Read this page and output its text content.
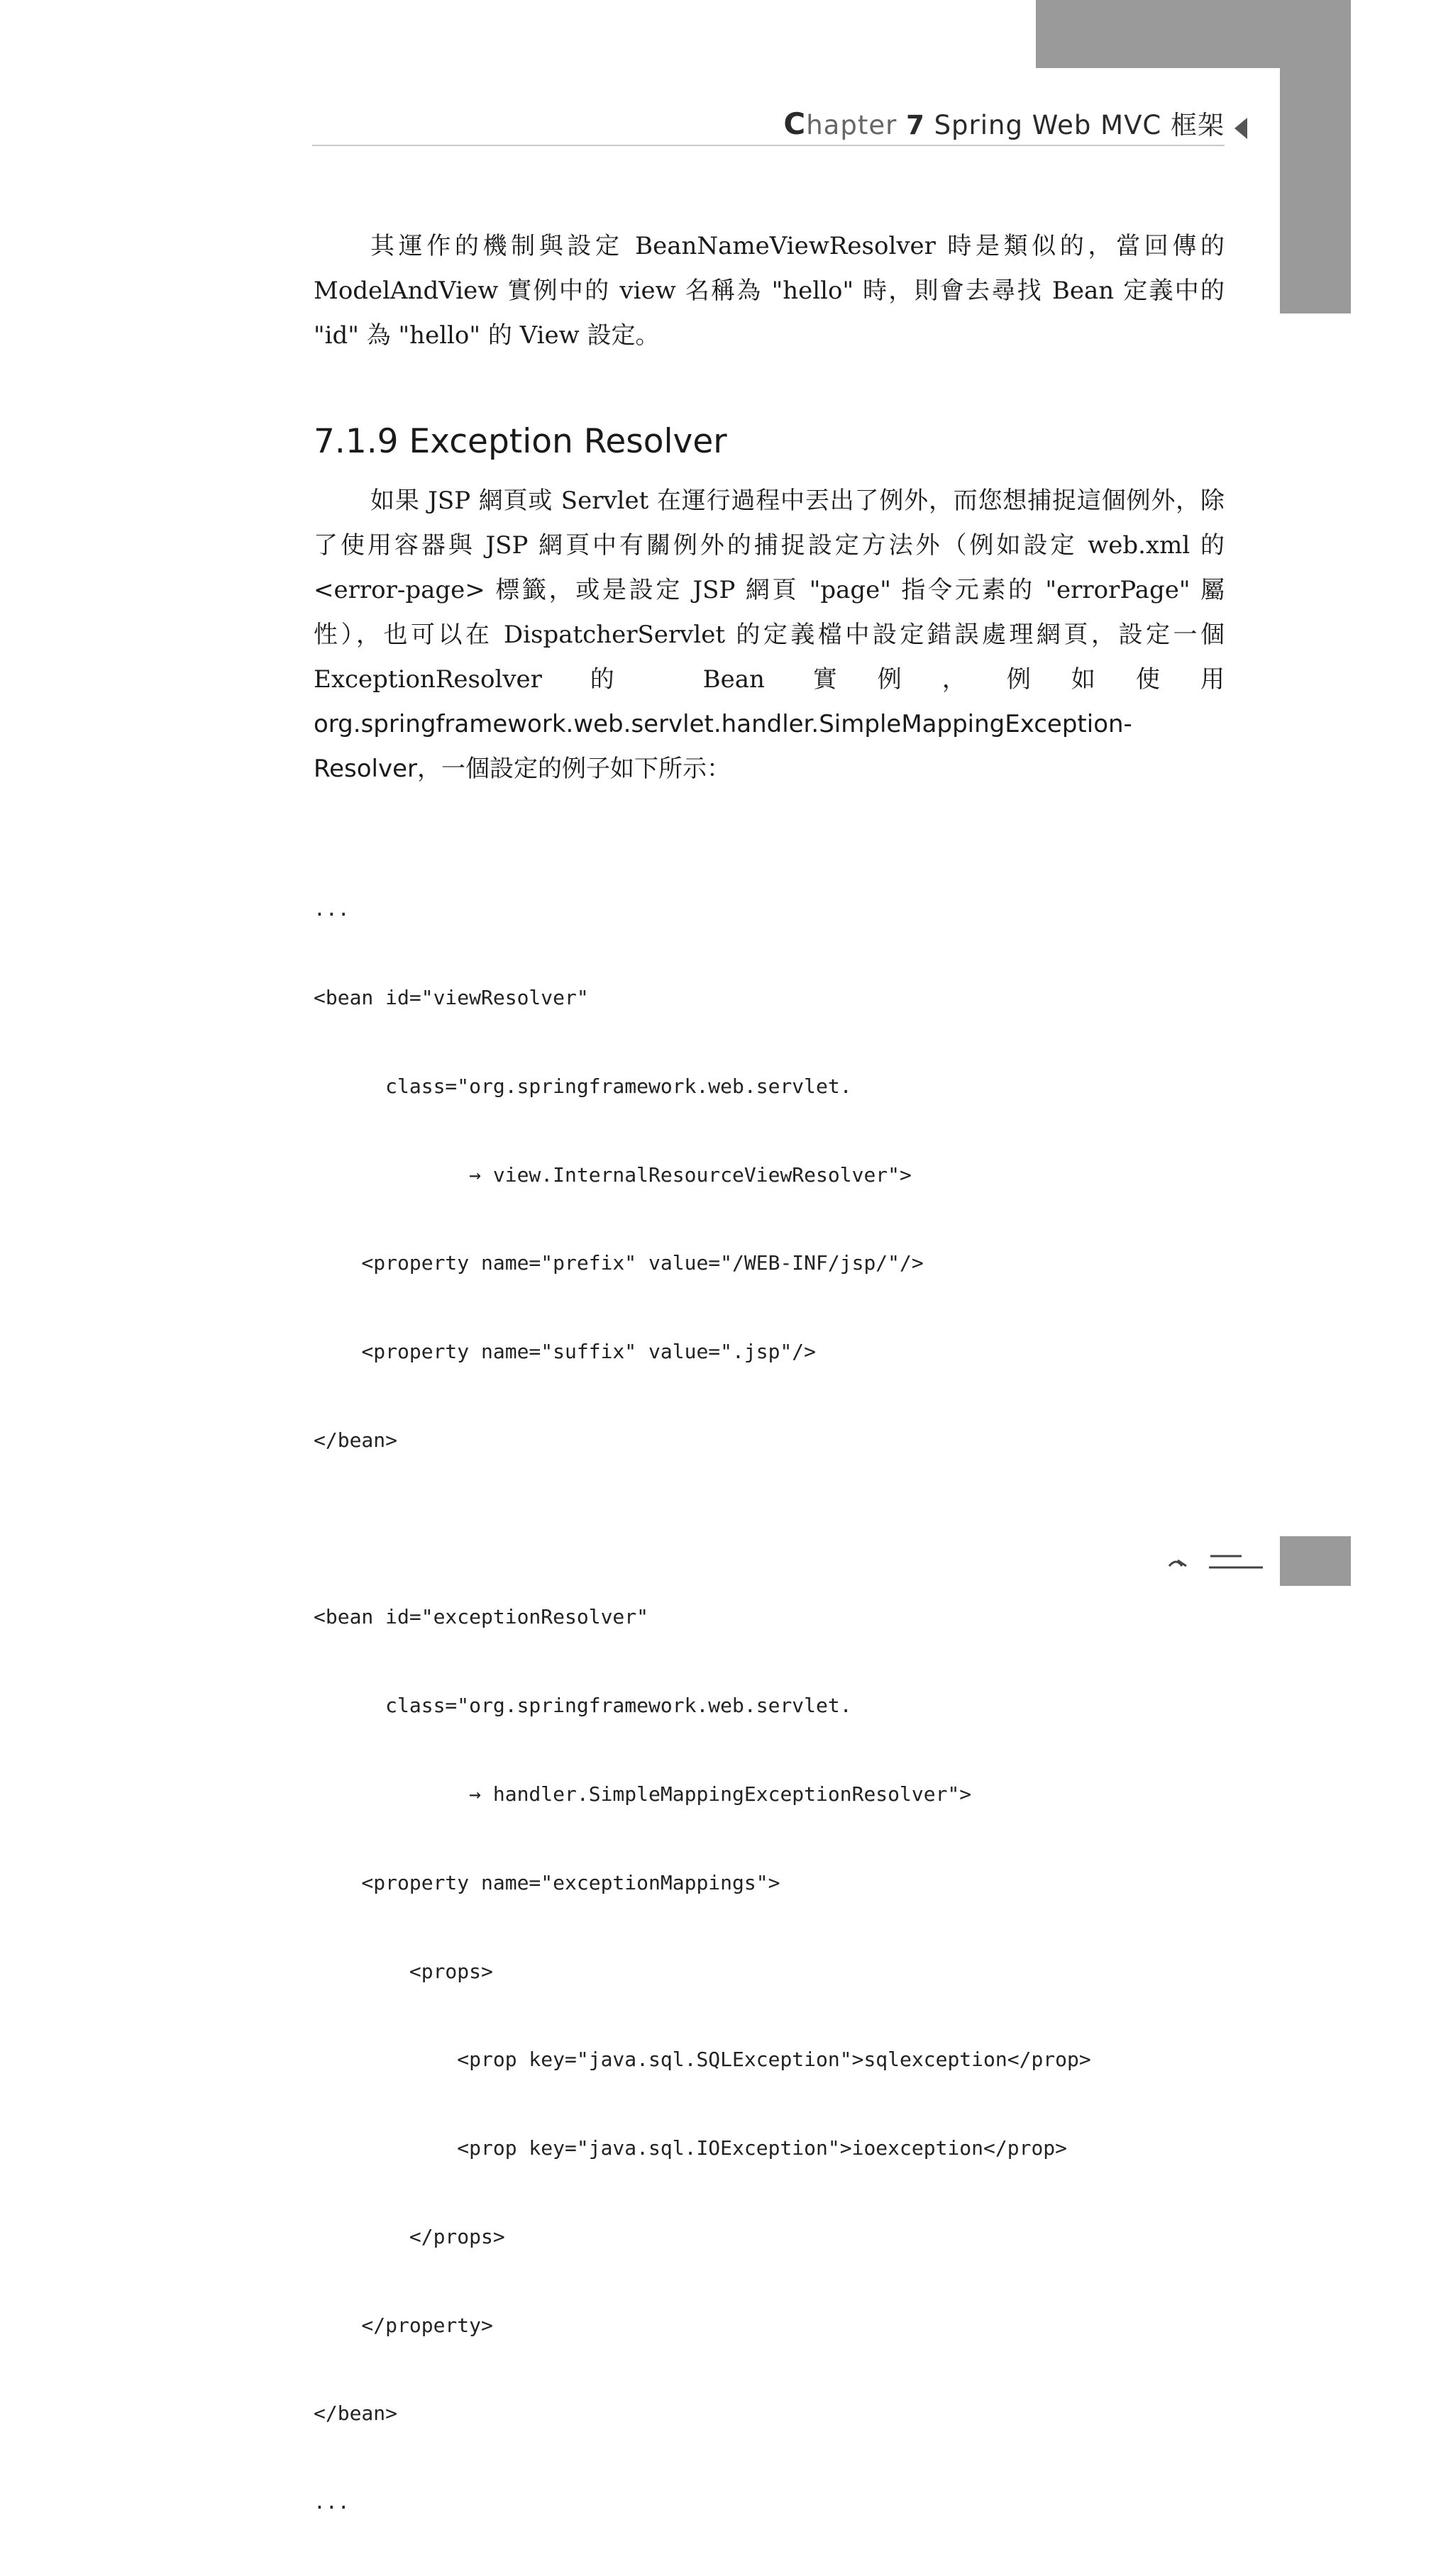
Chapter 7 Spring Web MVC 框架

其運作的機制與設定 BeanNameViewResolver 時是類似的，當回傳的 ModelAndView 實例中的 view 名稱為 "hello" 時，則會去尋找 Bean 定義中的 "id" 為 "hello" 的 View 設定。

7.1.9 Exception Resolver

如果 JSP 網頁或 Servlet 在運行過程中丟出了例外，而您想捕捉這個例外，除了使用容器與 JSP 網頁中有關例外的捕捉設定方法外（例如設定 web.xml 的 <error-page> 標籤，或是設定 JSP 網頁 "page" 指令元素的 "errorPage" 屬性），也可以在 DispatcherServlet 的定義檔中設定錯誤處理網頁，設定一個 ExceptionResolver 的 Bean 實例，例如使用 org.springframework.web.servlet.handler.SimpleMappingException-Resolver，一個設定的例子如下所示：

...

<bean id="viewResolver"

class="org.springframework.web.servlet.

→ view.InternalResourceViewResolver">

<property name="prefix" value="/WEB-INF/jsp/"/>

<property name="suffix" value=".jsp"/>

</bean>

<bean id="exceptionResolver"

class="org.springframework.web.servlet.

→ handler.SimpleMappingExceptionResolver">

<property name="exceptionMappings">

<props>

<prop key="java.sql.SQLException">sqlexception</prop>

<prop key="java.sql.IOException">ioexception</prop>

</props>

</property>

</bean>

...
